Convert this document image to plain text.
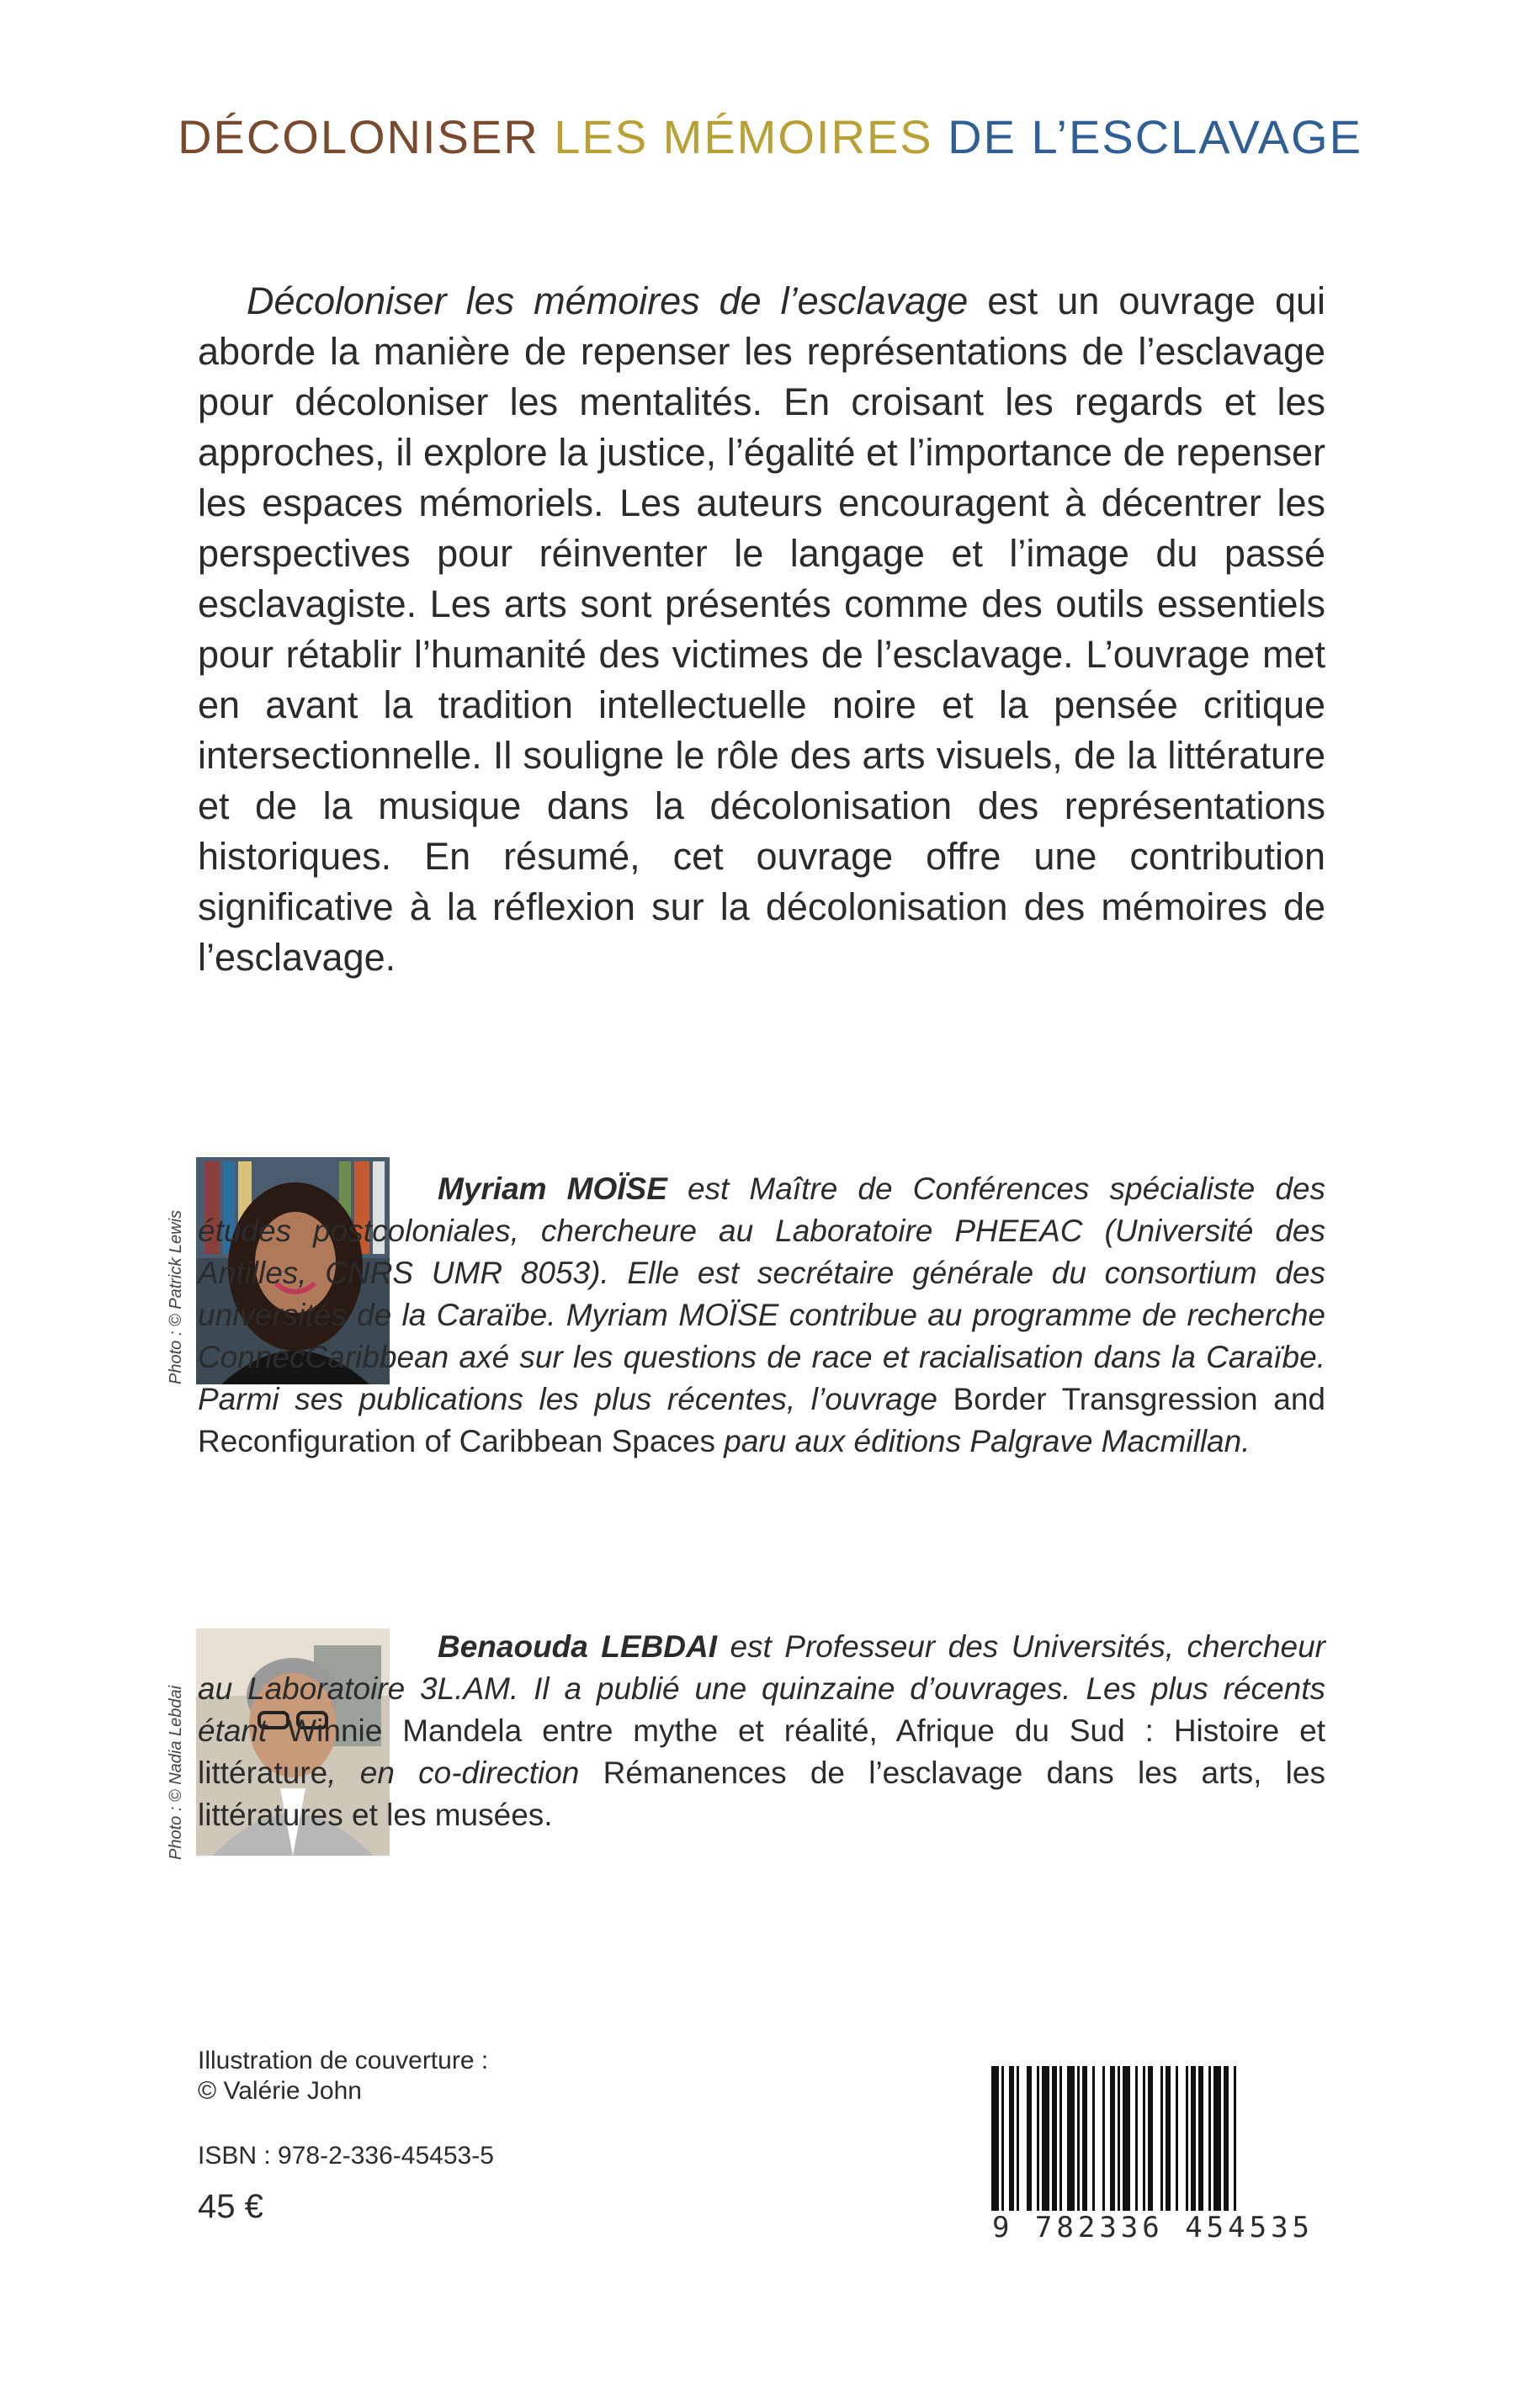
DÉCOLONISER LES MÉMOIRES DE L’ESCLAVAGE

Décoloniser les mémoires de l’esclavage est un ouvrage qui aborde la manière de repenser les représentations de l’esclavage pour décoloniser les mentalités. En croisant les regards et les approches, il explore la justice, l’égalité et l’importance de repenser les espaces mémoriels. Les auteurs encouragent à décentrer les perspectives pour réinventer le langage et l’image du passé esclavagiste. Les arts sont présentés comme des outils essentiels pour rétablir l’humanité des victimes de l’esclavage. L’ouvrage met en avant la tradition intellectuelle noire et la pensée critique intersectionnelle. Il souligne le rôle des arts visuels, de la littérature et de la musique dans la décolonisation des représentations historiques. En résumé, cet ouvrage offre une contribution significative à la réflexion sur la décolonisation des mémoires de l’esclavage.

Photo : © Patrick Lewis
Myriam MOÏSE est Maître de Conférences spécialiste des études postcoloniales, chercheure au Laboratoire PHEEAC (Université des Antilles, CNRS UMR 8053). Elle est secrétaire générale du consortium des universités de la Caraïbe. Myriam MOÏSE contribue au programme de recherche ConnecCaribbean axé sur les questions de race et racialisation dans la Caraïbe. Parmi ses publications les plus récentes, l’ouvrage Border Transgression and Reconfiguration of Caribbean Spaces paru aux éditions Palgrave Macmillan.
Photo : © Nadia Lebdai
Benaouda LEBDAI est Professeur des Universités, chercheur au Laboratoire 3L.AM. Il a publié une quinzaine d’ouvrages. Les plus récents étant Winnie Mandela entre mythe et réalité, Afrique du Sud : Histoire et littérature, en co-direction Rémanences de l’esclavage dans les arts, les littératures et les musées.
Illustration de couverture :
© Valérie John
ISBN : 978-2-336-45453-5
45 €
9 782336 454535
